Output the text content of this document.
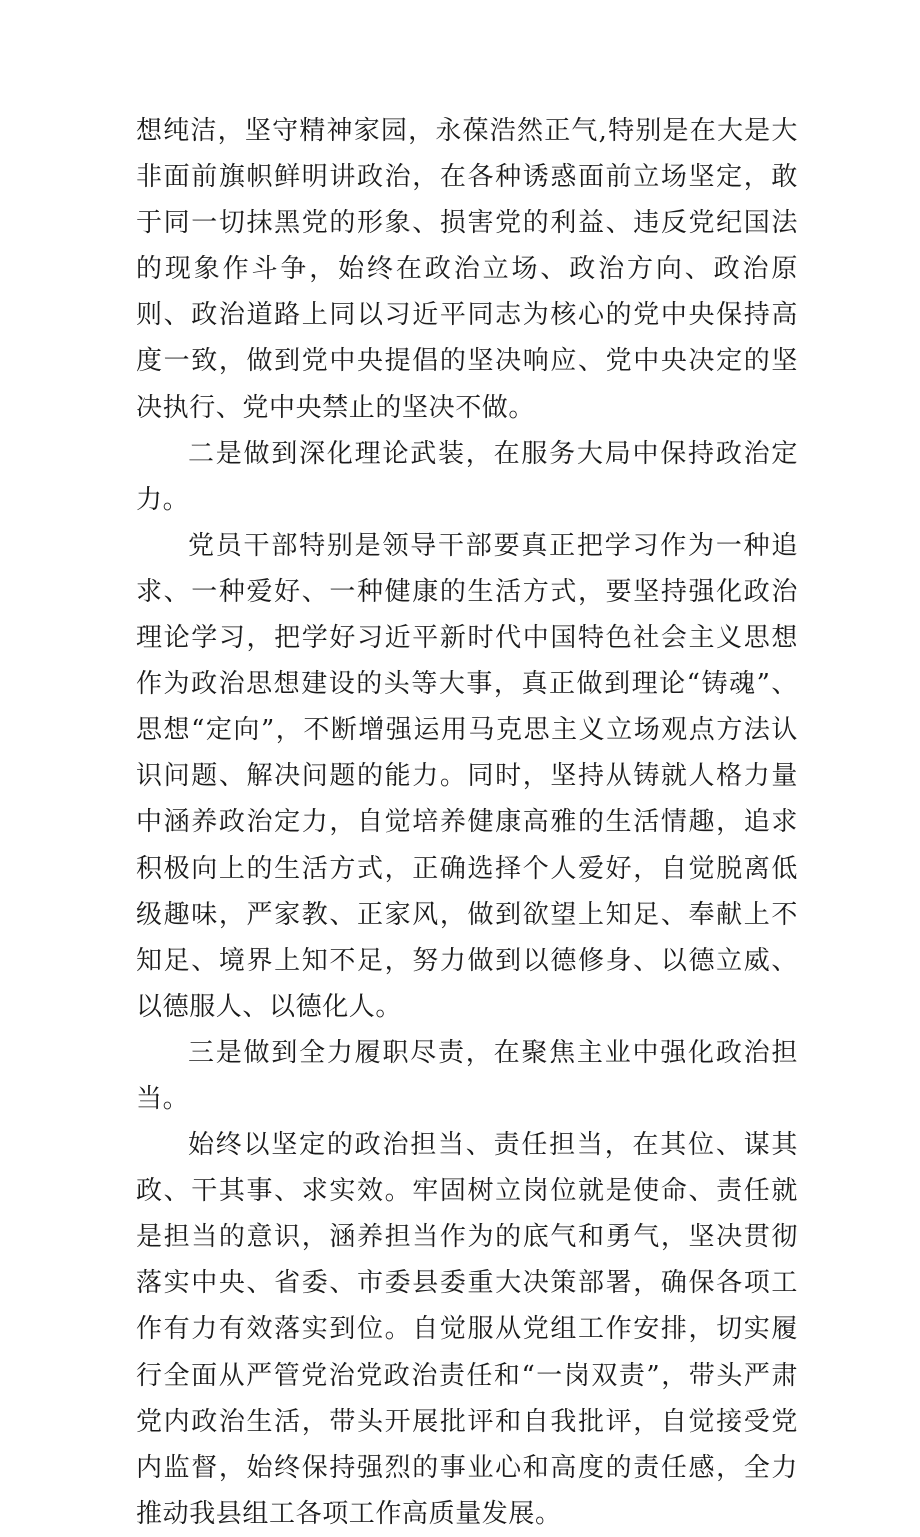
想纯洁，坚守精神家园，永葆浩然正气,特别是在大是大非面前旗帜鲜明讲政治，在各种诱惑面前立场坚定，敢于同一切抹黑党的形象、损害党的利益、违反党纪国法的现象作斗争，始终在政治立场、政治方向、政治原则、政治道路上同以习近平同志为核心的党中央保持高度一致，做到党中央提倡的坚决响应、党中央决定的坚决执行、党中央禁止的坚决不做。

二是做到深化理论武装，在服务大局中保持政治定力。

党员干部特别是领导干部要真正把学习作为一种追求、一种爱好、一种健康的生活方式，要坚持强化政治理论学习，把学好习近平新时代中国特色社会主义思想作为政治思想建设的头等大事，真正做到理论“铸魂”、思想“定向”，不断增强运用马克思主义立场观点方法认识问题、解决问题的能力。同时，坚持从铸就人格力量中涵养政治定力，自觉培养健康高雅的生活情趣，追求积极向上的生活方式，正确选择个人爱好，自觉脱离低级趣味，严家教、正家风，做到欲望上知足、奉献上不知足、境界上知不足，努力做到以德修身、以德立威、以德服人、以德化人。

三是做到全力履职尽责，在聚焦主业中强化政治担当。

始终以坚定的政治担当、责任担当，在其位、谋其政、干其事、求实效。牢固树立岗位就是使命、责任就是担当的意识，涵养担当作为的底气和勇气，坚决贯彻落实中央、省委、市委县委重大决策部署，确保各项工作有力有效落实到位。自觉服从党组工作安排，切实履行全面从严管党治党政治责任和“一岗双责”，带头严肃党内政治生活，带头开展批评和自我批评，自觉接受党内监督，始终保持强烈的事业心和高度的责任感，全力推动我县组工各项工作高质量发展。
